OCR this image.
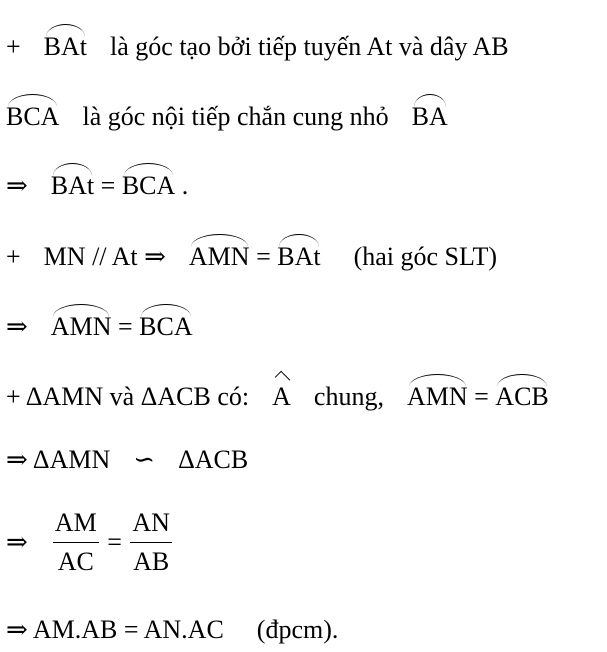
+ BAt là góc tạo bởi tiếp tuyến At và dây AB
BCA là góc nội tiếp chắn cung nhỏ BA
⇒ BAt = BCA .
+ MN // At ⇒ AMN = BAt (hai góc SLT)
⇒ AMN = BCA
+ ΔAMN và ΔACB có: A chung, AMN = ACB
⇒ ΔAMN ∽ ΔACB
⇒ $\frac{AM}{AC} = \frac{AN}{AB}$
⇒ AM.AB = AN.AC (đpcm).
